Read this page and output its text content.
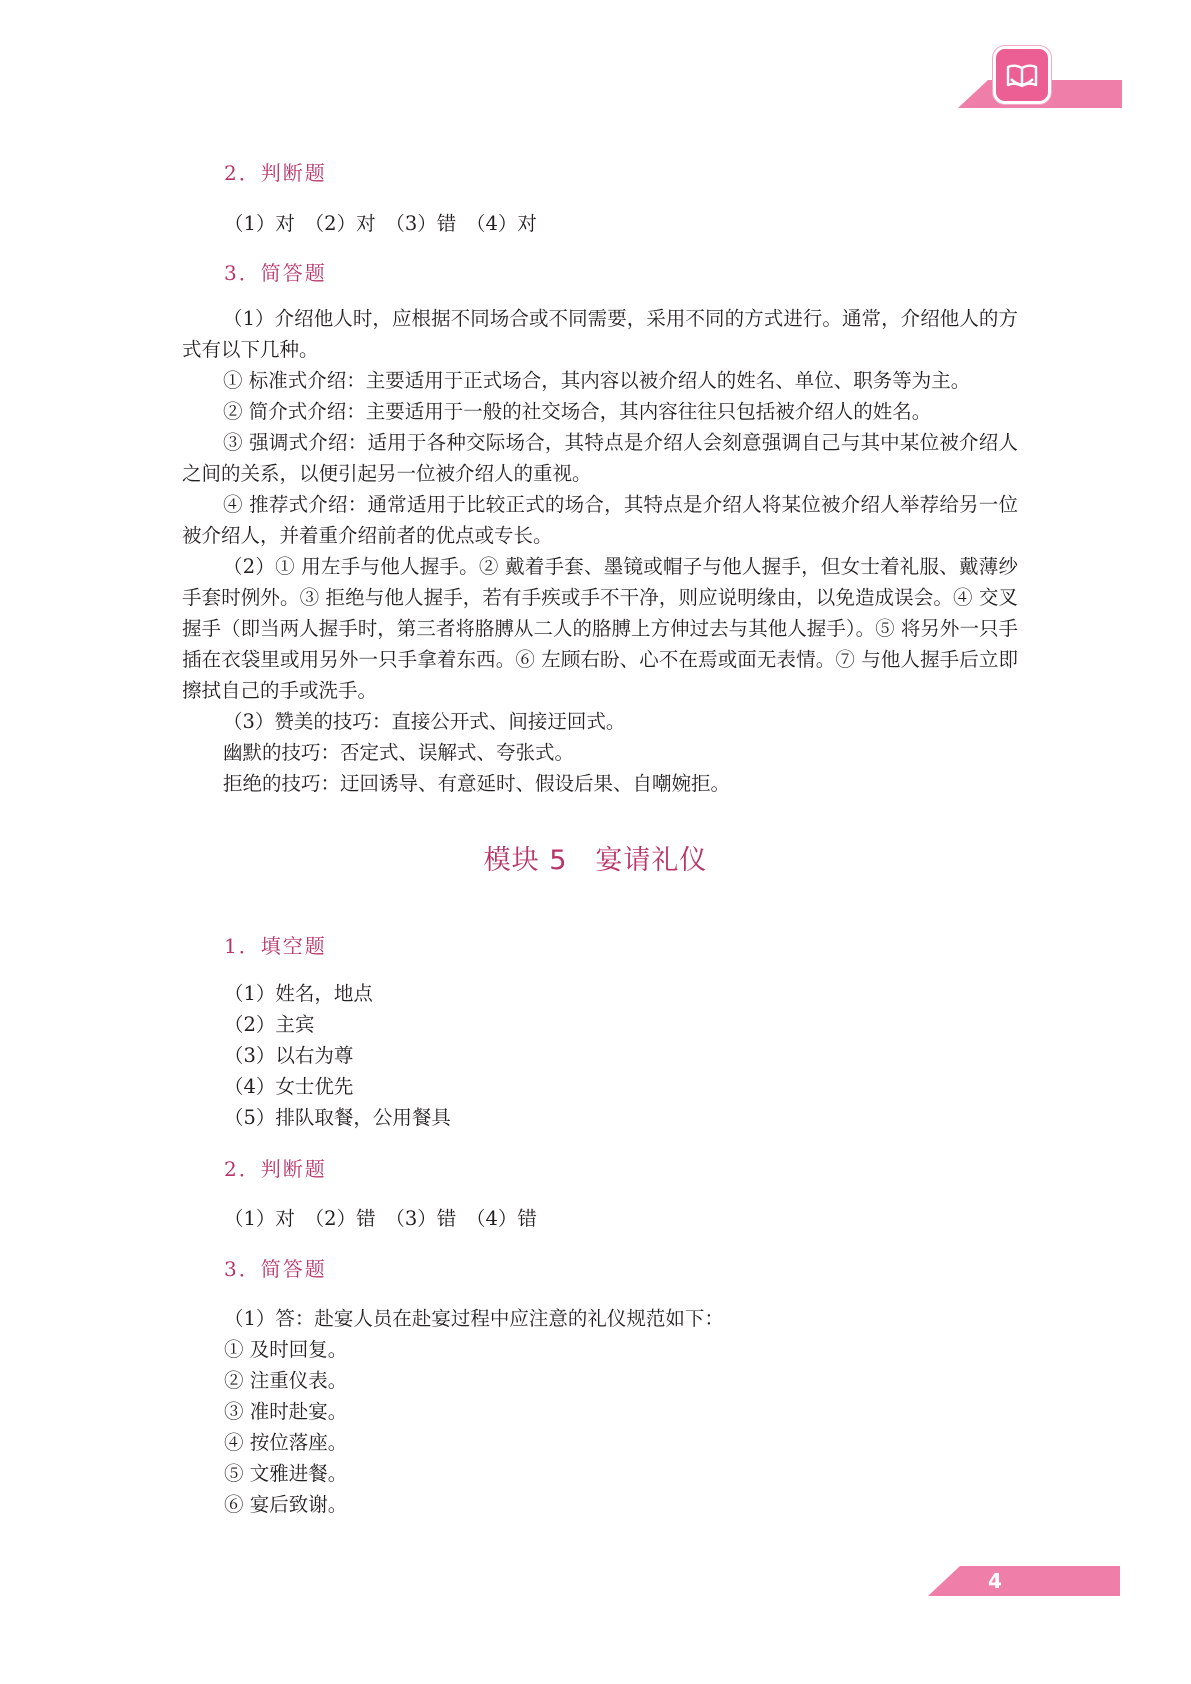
2．判断题
（1）对　（2）对　（3）错　（4）对
3．简答题

（1）介绍他人时，应根据不同场合或不同需要，采用不同的方式进行。通常，介绍他人的方式有以下几种。

① 标准式介绍：主要适用于正式场合，其内容以被介绍人的姓名、单位、职务等为主。

② 简介式介绍：主要适用于一般的社交场合，其内容往往只包括被介绍人的姓名。

③ 强调式介绍：适用于各种交际场合，其特点是介绍人会刻意强调自己与其中某位被介绍人之间的关系，以便引起另一位被介绍人的重视。

④ 推荐式介绍：通常适用于比较正式的场合，其特点是介绍人将某位被介绍人举荐给另一位被介绍人，并着重介绍前者的优点或专长。

（2）① 用左手与他人握手。② 戴着手套、墨镜或帽子与他人握手，但女士着礼服、戴薄纱手套时例外。③ 拒绝与他人握手，若有手疾或手不干净，则应说明缘由，以免造成误会。④ 交叉握手（即当两人握手时，第三者将胳膊从二人的胳膊上方伸过去与其他人握手）。⑤ 将另外一只手插在衣袋里或用另外一只手拿着东西。⑥ 左顾右盼、心不在焉或面无表情。⑦ 与他人握手后立即擦拭自己的手或洗手。

（3）赞美的技巧：直接公开式、间接迂回式。

幽默的技巧：否定式、误解式、夸张式。

拒绝的技巧：迂回诱导、有意延时、假设后果、自嘲婉拒。

模块 5 宴请礼仪
1．填空题
（1）姓名，地点
（2）主宾
（3）以右为尊
（4）女士优先
（5）排队取餐，公用餐具
2．判断题
（1）对　（2）错　（3）错　（4）错
3．简答题
（1）答：赴宴人员在赴宴过程中应注意的礼仪规范如下：
① 及时回复。
② 注重仪表。
③ 准时赴宴。
④ 按位落座。
⑤ 文雅进餐。
⑥ 宴后致谢。
4
